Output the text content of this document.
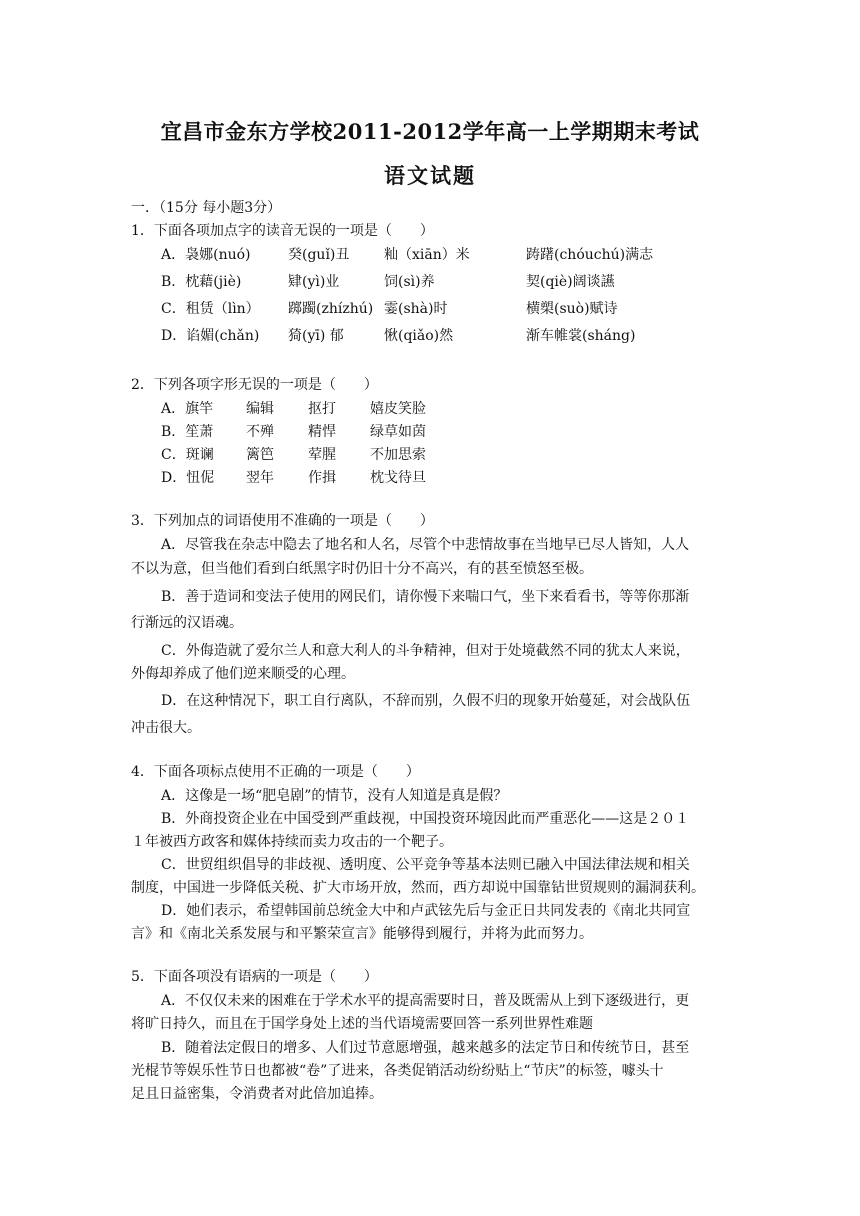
宜昌市金东方学校2011-2012学年高一上学期期末考试
语文试题
一．（15分 每小题3分）
1．下面各项加点字的读音无误的一项是（　　）
A．袅娜(nuó)	癸(guǐ)丑 籼（xiān）米	踌躇(chóuchú)满志
B．枕藉(jiè)	肄(yì)业	饲(sì)养	契(qiè)阔谈讌
C．租赁（lìn） 踯躅(zhízhú) 霎(shà)时	横槊(suò)赋诗
D．谄媚(chǎn) 猗(yī) 郁	愀(qiǎo)然	渐车帷裳(sháng)
2．下列各项字形无误的一项是（　　）
A．旗竿 编辑 抠打 嬉皮笑脸
B．笙萧 不殚 精悍 绿草如茵
C．斑谰 篱笆 荤腥 不加思索
D．忸伲 翌年 作揖 枕戈待旦
3．下列加点的词语使用不准确的一项是（　　）
A．尽管我在杂志中隐去了地名和人名，尽管个中悲情故事在当地早已尽人皆知，人人
不以为意，但当他们看到白纸黑字时仍旧十分不高兴，有的甚至愤怒至极。
B．善于造词和变法子使用的网民们，请你慢下来喘口气，坐下来看看书，等等你那渐
行渐远的汉语魂。
C．外侮造就了爱尔兰人和意大利人的斗争精神，但对于处境截然不同的犹太人来说，
外侮却养成了他们逆来顺受的心理。
D．在这种情况下，职工自行离队，不辞而别，久假不归的现象开始蔓延，对会战队伍
冲击很大。
4．下面各项标点使用不正确的一项是（　　）
A．这像是一场“肥皂剧”的情节，没有人知道是真是假？
B．外商投资企业在中国受到严重歧视，中国投资环境因此而严重恶化——这是２０１
１年被西方政客和媒体持续而卖力攻击的一个靶子。
C．世贸组织倡导的非歧视、透明度、公平竞争等基本法则已融入中国法律法规和相关
制度，中国进一步降低关税、扩大市场开放，然而，西方却说中国靠钻世贸规则的漏洞获利。
D．她们表示，希望韩国前总统金大中和卢武铉先后与金正日共同发表的《南北共同宣
言》和《南北关系发展与和平繁荣宣言》能够得到履行，并将为此而努力。
5．下面各项没有语病的一项是（　　）
A．不仅仅未来的困难在于学术水平的提高需要时日，普及既需从上到下逐级进行，更
将旷日持久，而且在于国学身处上述的当代语境需要回答一系列世界性难题
B．随着法定假日的增多、人们过节意愿增强，越来越多的法定节日和传统节日，甚至
光棍节等娱乐性节日也都被“卷”了进来，各类促销活动纷纷贴上“节庆”的标签，噱头十
足且日益密集，令消费者对此倍加追捧。
